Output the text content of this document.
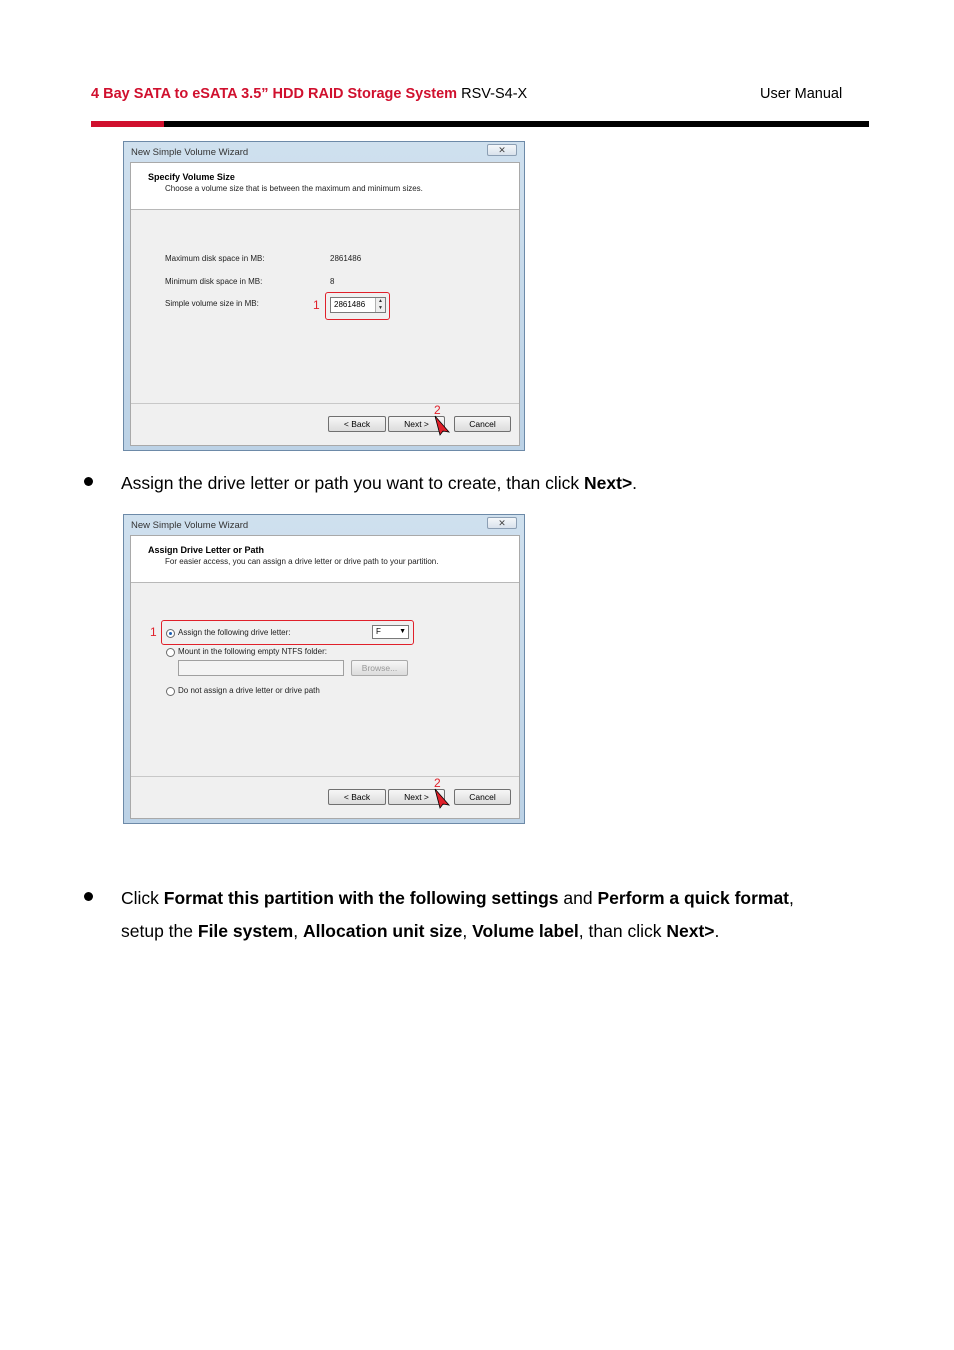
4 Bay SATA to eSATA 3.5” HDD RAID Storage System RSV-S4-X	User Manual
New Simple Volume Wizard	✕
Specify Volume Size
Choose a volume size that is between the maximum and minimum sizes.
Maximum disk space in MB:	2861486
Minimum disk space in MB:	8
Simple volume size in MB:	1	2861486	▲
▼
< Back	Next >	Cancel
2
Assign the drive letter or path you want to create, than click Next>.
New Simple Volume Wizard	✕
Assign Drive Letter or Path
For easier access, you can assign a drive letter or drive path to your partition.
1	Assign the following drive letter:	F	▼
Mount in the following empty NTFS folder:
Browse...
Do not assign a drive letter or drive path
< Back	Next >	Cancel
2
Click Format this partition with the following settings and Perform a quick format,
setup the File system, Allocation unit size, Volume label, than click Next>.
